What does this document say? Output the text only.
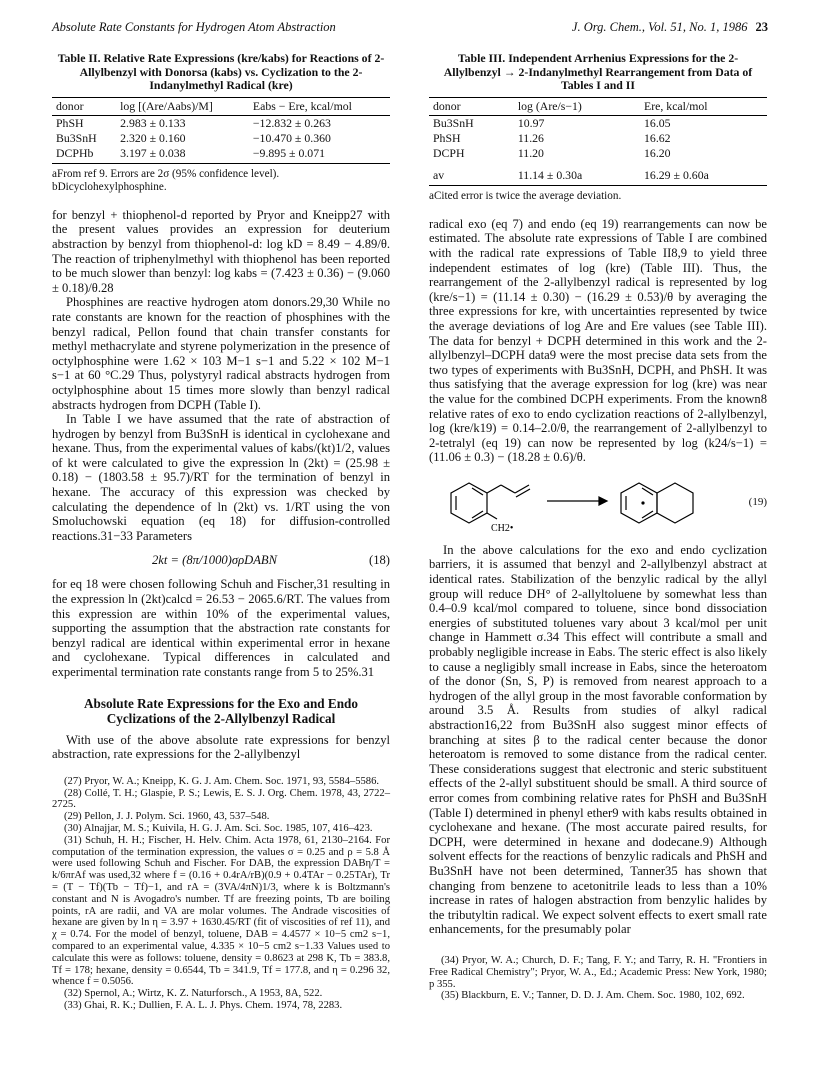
Absolute Rate Constants for Hydrogen Atom Abstraction	J. Org. Chem., Vol. 51, No. 1, 1986 23
Table II. Relative Rate Expressions (kre/kabs) for Reactions of 2-Allylbenzyl with Donorsa (kabs) vs. Cyclization to the 2-Indanylmethyl Radical (kre)
donor	log [(Are/Aabs)/M]	Eabs − Ere, kcal/mol
PhSH	2.983 ± 0.133	−12.832 ± 0.263
Bu3SnH	2.320 ± 0.160	−10.470 ± 0.360
DCPHb	3.197 ± 0.038	−9.895 ± 0.071
aFrom ref 9. Errors are 2σ (95% confidence level). bDicyclohexylphosphine.

for benzyl + thiophenol-d reported by Pryor and Kneipp27 with the present values provides an expression for deuterium abstraction by benzyl from thiophenol-d: log kD = 8.49 − 4.89/θ. The reaction of triphenylmethyl with thiophenol has been reported to be much slower than benzyl: log kabs = (7.423 ± 0.36) − (9.060 ± 0.18)/θ.28

Phosphines are reactive hydrogen atom donors.29,30 While no rate constants are known for the reaction of phosphines with the benzyl radical, Pellon found that chain transfer constants for methyl methacrylate and styrene polymerization in the presence of octylphosphine were 1.62 × 103 M−1 s−1 and 5.22 × 102 M−1 s−1 at 60 °C.29 Thus, polystyryl radical abstracts hydrogen from octylphosphine about 15 times more slowly than benzyl radical abstracts hydrogen from DCPH (Table I).

In Table I we have assumed that the rate of abstraction of hydrogen by benzyl from Bu3SnH is identical in cyclohexane and hexane. Thus, from the experimental values of kabs/(kt)1/2, values of kt were calculated to give the expression ln (2kt) = (25.98 ± 0.18) − (1803.58 ± 95.7)/RT for the termination of benzyl in hexane. The accuracy of this expression was checked by calculating the dependence of ln (2kt) vs. 1/RT using the von Smoluchowski equation (eq 18) for diffusion-controlled reactions.31−33 Parameters

2kt = (8π/1000)σρDABN	(18)

for eq 18 were chosen following Schuh and Fischer,31 resulting in the expression ln (2kt)calcd = 26.53 − 2065.6/RT. The values from this expression are within 10% of the experimental values, supporting the assumption that the abstraction rate constants for benzyl radical are identical within experimental error in hexane and cyclohexane. Typical differences in calculated and experimental termination rate constants range from 5 to 25%.31

Absolute Rate Expressions for the Exo and Endo Cyclizations of the 2-Allylbenzyl Radical

With use of the above absolute rate expressions for benzyl abstraction, rate expressions for the 2-allylbenzyl

(27) Pryor, W. A.; Kneipp, K. G. J. Am. Chem. Soc. 1971, 93, 5584–5586.
(28) Collé, T. H.; Glaspie, P. S.; Lewis, E. S. J. Org. Chem. 1978, 43, 2722–2725.
(29) Pellon, J. J. Polym. Sci. 1960, 43, 537–548.
(30) Alnajjar, M. S.; Kuivila, H. G. J. Am. Sci. Soc. 1985, 107, 416–423.
(31) Schuh, H. H.; Fischer, H. Helv. Chim. Acta 1978, 61, 2130–2164. For computation of the termination expression, the values σ = 0.25 and ρ = 5.8 Å were used following Schuh and Fischer. For DAB, the expression DABη/T = k/6πrAf was used,32 where f = (0.16 + 0.4rA/rB)(0.9 + 0.4TAr − 0.25TAr), Tr = (T − Tf)(Tb − Tf)−1, and rA = (3VA/4πN)1/3, where k is Boltzmann's constant and N is Avogadro's number. Tf are freezing points, Tb are boiling points, rA are radii, and VA are molar volumes. The Andrade viscosities of hexane are given by ln η = 3.97 + 1630.45/RT (fit of viscosities of ref 11), and χ = 0.74. For the model of benzyl, toluene, DAB = 4.4577 × 10−5 cm2 s−1, compared to an experimental value, 4.335 × 10−5 cm2 s−1.33 Values used to calculate this were as follows: toluene, density = 0.8623 at 298 K, Tb = 383.8, Tf = 178; hexane, density = 0.6544, Tb = 341.9, Tf = 177.8, and η = 0.296 32, whence f = 0.5056.
(32) Spernol, A.; Wirtz, K. Z. Naturforsch., A 1953, 8A, 522.
(33) Ghai, R. K.; Dullien, F. A. L. J. Phys. Chem. 1974, 78, 2283.
Table III. Independent Arrhenius Expressions for the 2-Allylbenzyl → 2-Indanylmethyl Rearrangement from Data of Tables I and II
donor	log (Are/s−1)	Ere, kcal/mol
Bu3SnH	10.97	16.05
PhSH	11.26	16.62
DCPH	11.20	16.20
av	11.14 ± 0.30a	16.29 ± 0.60a
aCited error is twice the average deviation.

radical exo (eq 7) and endo (eq 19) rearrangements can now be estimated. The absolute rate expressions of Table I are combined with the radical rate expressions of Table II8,9 to yield three independent estimates of log (kre) (Table III). Thus, the rearrangement of the 2-allylbenzyl radical is represented by log (kre/s−1) = (11.14 ± 0.30) − (16.29 ± 0.53)/θ by averaging the three expressions for kre, with uncertainties represented by twice the average deviations of log Are and Ere values (see Table III). The data for benzyl + DCPH determined in this work and the 2-allylbenzyl–DCPH data9 were the most precise data sets from the two types of experiments with Bu3SnH, DCPH, and PhSH. It was thus satisfying that the average expression for log (kre) was near the value for the combined DCPH experiments. From the known8 relative rates of exo to endo cyclization reactions of 2-allylbenzyl, log (kre/k19) = 0.14–2.0/θ, the rearrangement of 2-allylbenzyl to 2-tetralyl (eq 19) can now be represented by log (k24/s−1) = (11.06 ± 0.3) − (18.28 ± 0.6)/θ.

CH2•
(19)

In the above calculations for the exo and endo cyclization barriers, it is assumed that benzyl and 2-allylbenzyl abstract at identical rates. Stabilization of the benzylic radical by the allyl group will reduce DH° of 2-allyltoluene by somewhat less than 0.4–0.9 kcal/mol compared to toluene, since bond dissociation energies of substituted toluenes vary about 3 kcal/mol per unit change in Hammett σ.34 This effect will contribute a small and probably negligible increase in Eabs. The steric effect is also likely to cause a negligibly small increase in Eabs, since the heteroatom of the donor (Sn, S, P) is removed from nearest approach to a hydrogen of the allyl group in the most favorable conformation by around 3.5 Å. Results from studies of alkyl radical abstraction16,22 from Bu3SnH also suggest minor effects of branching at sites β to the radical center because the donor heteroatom is removed to some distance from the radical center. These considerations suggest that electronic and steric substituent effects of the 2-allyl substituent should be small. A third source of error comes from combining relative rates for PhSH and Bu3SnH (Table I) determined in phenyl ether9 with kabs results obtained in cyclohexane and hexane. (The most accurate paired results, for DCPH, were determined in hexane and dodecane.9) Although solvent effects for the reactions of benzylic radicals and PhSH and Bu3SnH have not been determined, Tanner35 has shown that changing from benzene to acetonitrile leads to less than a 10% increase in rates of halogen abstraction from benzylic halides by the tributyltin radical. We expect solvent effects to exert small rate enhancements, for the presumably polar

(34) Pryor, W. A.; Church, D. F.; Tang, F. Y.; and Tarry, R. H. "Frontiers in Free Radical Chemistry"; Pryor, W. A., Ed.; Academic Press: New York, 1980; p 355.
(35) Blackburn, E. V.; Tanner, D. D. J. Am. Chem. Soc. 1980, 102, 692.
